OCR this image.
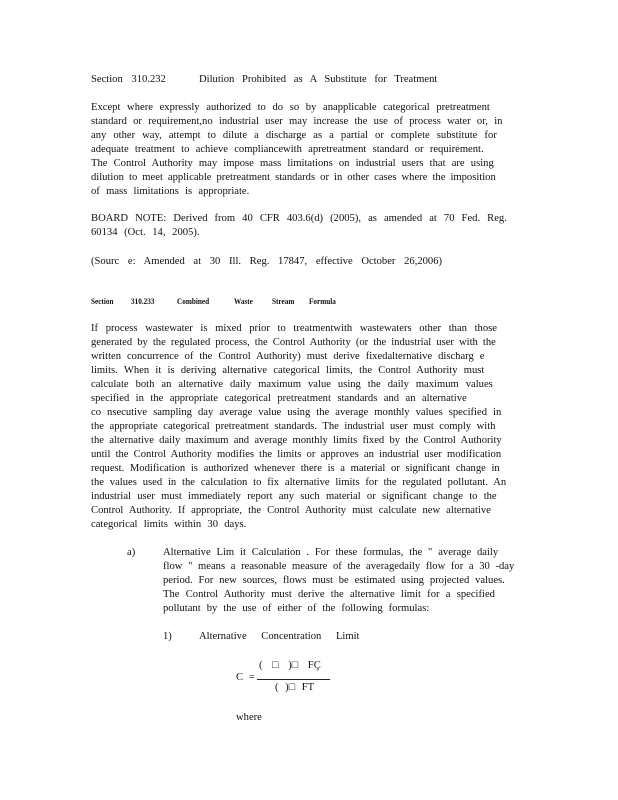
Section 310.232	Dilution Prohibited as A Substitute for Treatment
Except where expressly authorized to do so by anapplicable categorical pretreatment
standard or requirement,no industrial user may increase the use of process water or, in
any other way, attempt to dilute a discharge as a partial or complete substitute for
adequate treatment to achieve compliancewith apretreatment standard or requirement.
The Control Authority may impose mass limitations on industrial users that are using
dilution to meet applicable pretreatment standards or in other cases where the imposition
of mass limitations is appropriate.
BOARD NOTE: Derived from 40 CFR 403.6(d) (2005), as amended at 70 Fed. Reg.
60134 (Oct. 14, 2005).
(Sourc e: Amended at 30 Ill. Reg. 17847, effective October 26,2006)
Section 310.233	Combined	Waste Stream Formula
If process wastewater is mixed prior to treatmentwith wastewaters other than those
generated by the regulated process, the Control Authority (or the industrial user with the
written concurrence of the Control Authority) must derive fixedalternative discharg e
limits. When it is deriving alternative categorical limits, the Control Authority must
calculate both an alternative daily maximum value using the daily maximum values
specified in the appropriate categorical pretreatment standards and an alternative
co nsecutive sampling day average value using the average monthly values specified in
the appropriate categorical pretreatment standards. The industrial user must comply with
the alternative daily maximum and average monthly limits fixed by the Control Authority
until the Control Authority modifies the limits or approves an industrial user modification
request. Modification is authorized whenever there is a material or significant change in
the values used in the calculation to fix alternative limits for the regulated pollutant. An
industrial user must immediately report any such material or significant change to the
Control Authority. If appropriate, the Control Authority must calculate new alternative
categorical limits within 30 days.
a)	Alternative Lim it Calculation . For these formulas, the " average daily
flow " means a reasonable measure of the averagedaily flow for a 30 -day
period. For new sources, flows must be estimated using projected values.
The Control Authority must derive the alternative limit for a specified
pollutant by the use of either of the following formulas:
1)	Alternative Concentration Limit
C =
( □ )□ FÇ
( )□ FT
where
